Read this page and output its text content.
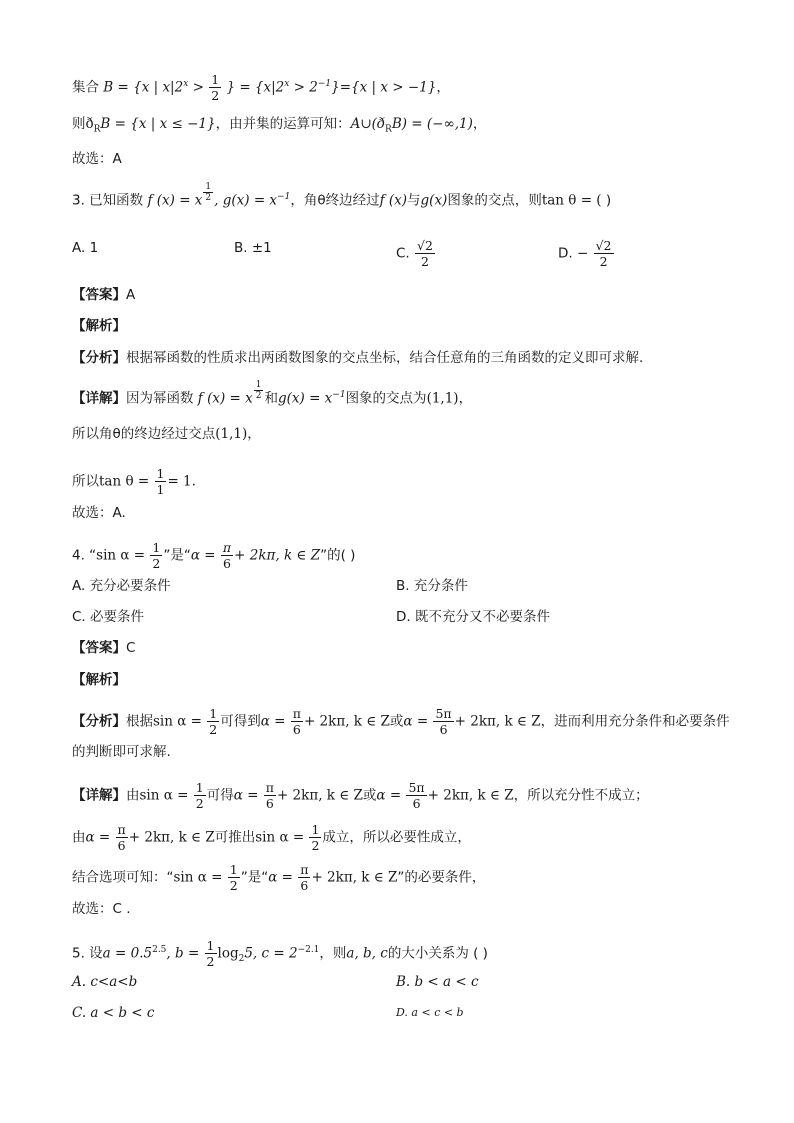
集合 B = {x | $x|2^x > \frac{1}{2}$ } = $\{x|2^x > 2^{-1}\}=\{x$ | x > −1}，
则$ð_RB = \{x$ | x ≤ −1}，由并集的运算可知：$A\cup(ð_RB) = (-\infty,1)$，
故选：A
3. 已知函数 f (x) = x $^{\frac{1}{2}}$ , $g(x) = x^{-1}$，角θ终边经过f (x)与g(x)图象的交点，则tan θ = ( )
A. 1	B. ±1	C. $\frac{√2}{2}$	D. − $\frac{√2}{2}$
【答案】A
【解析】
【分析】根据幂函数的性质求出两函数图象的交点坐标，结合任意角的三角函数的定义即可求解.
【详解】因为幂函数 f (x) = x $^{\frac{1}{2}}$ 和$g(x) = x^{-1}$图象的交点为(1,1)，
所以角θ的终边经过交点(1,1)，
所以$\tan \theta = \frac{1}{1} = 1$.
故选：A.
4. “sin $\alpha = \frac{1}{2}$ ”是“$\alpha = \frac{\pi}{6} + 2k\pi$, k ∈ Z”的( )
A. 充分必要条件	B. 充分条件
C. 必要条件	D. 既不充分又不必要条件
【答案】C
【解析】
【分析】根据$\sin \alpha = \frac{1}{2}$ 可得到$\alpha = \frac{\pi}{6} + 2k\pi$, k ∈ Z或$\alpha = \frac{5\pi}{6} + 2k\pi$, k ∈ Z，进而利用充分条件和必要条件
的判断即可求解.
【详解】由$\sin \alpha = \frac{1}{2}$ 可得$\alpha = \frac{\pi}{6} + 2k\pi$, k ∈ Z或$\alpha = \frac{5\pi}{6} + 2k\pi$, k ∈ Z，所以充分性不成立；
由$\alpha = \frac{\pi}{6} + 2k\pi$, k ∈ Z可推出$\sin \alpha = \frac{1}{2}$ 成立，所以必要性成立，
结合选项可知：“sin $\alpha = \frac{1}{2}$ ”是“$\alpha = \frac{\pi}{6} + 2k\pi$, k ∈ Z”的必要条件，
故选：C .
5. 设$a = 0.5^{2.5}$, $b = \frac{1}{2} \log_25$, $c = 2^{-2.1}$，则a, b, c的大小关系为 ( )
A. c<a<b	B. b < a < c
C. a < b < c	D. a < c < b
